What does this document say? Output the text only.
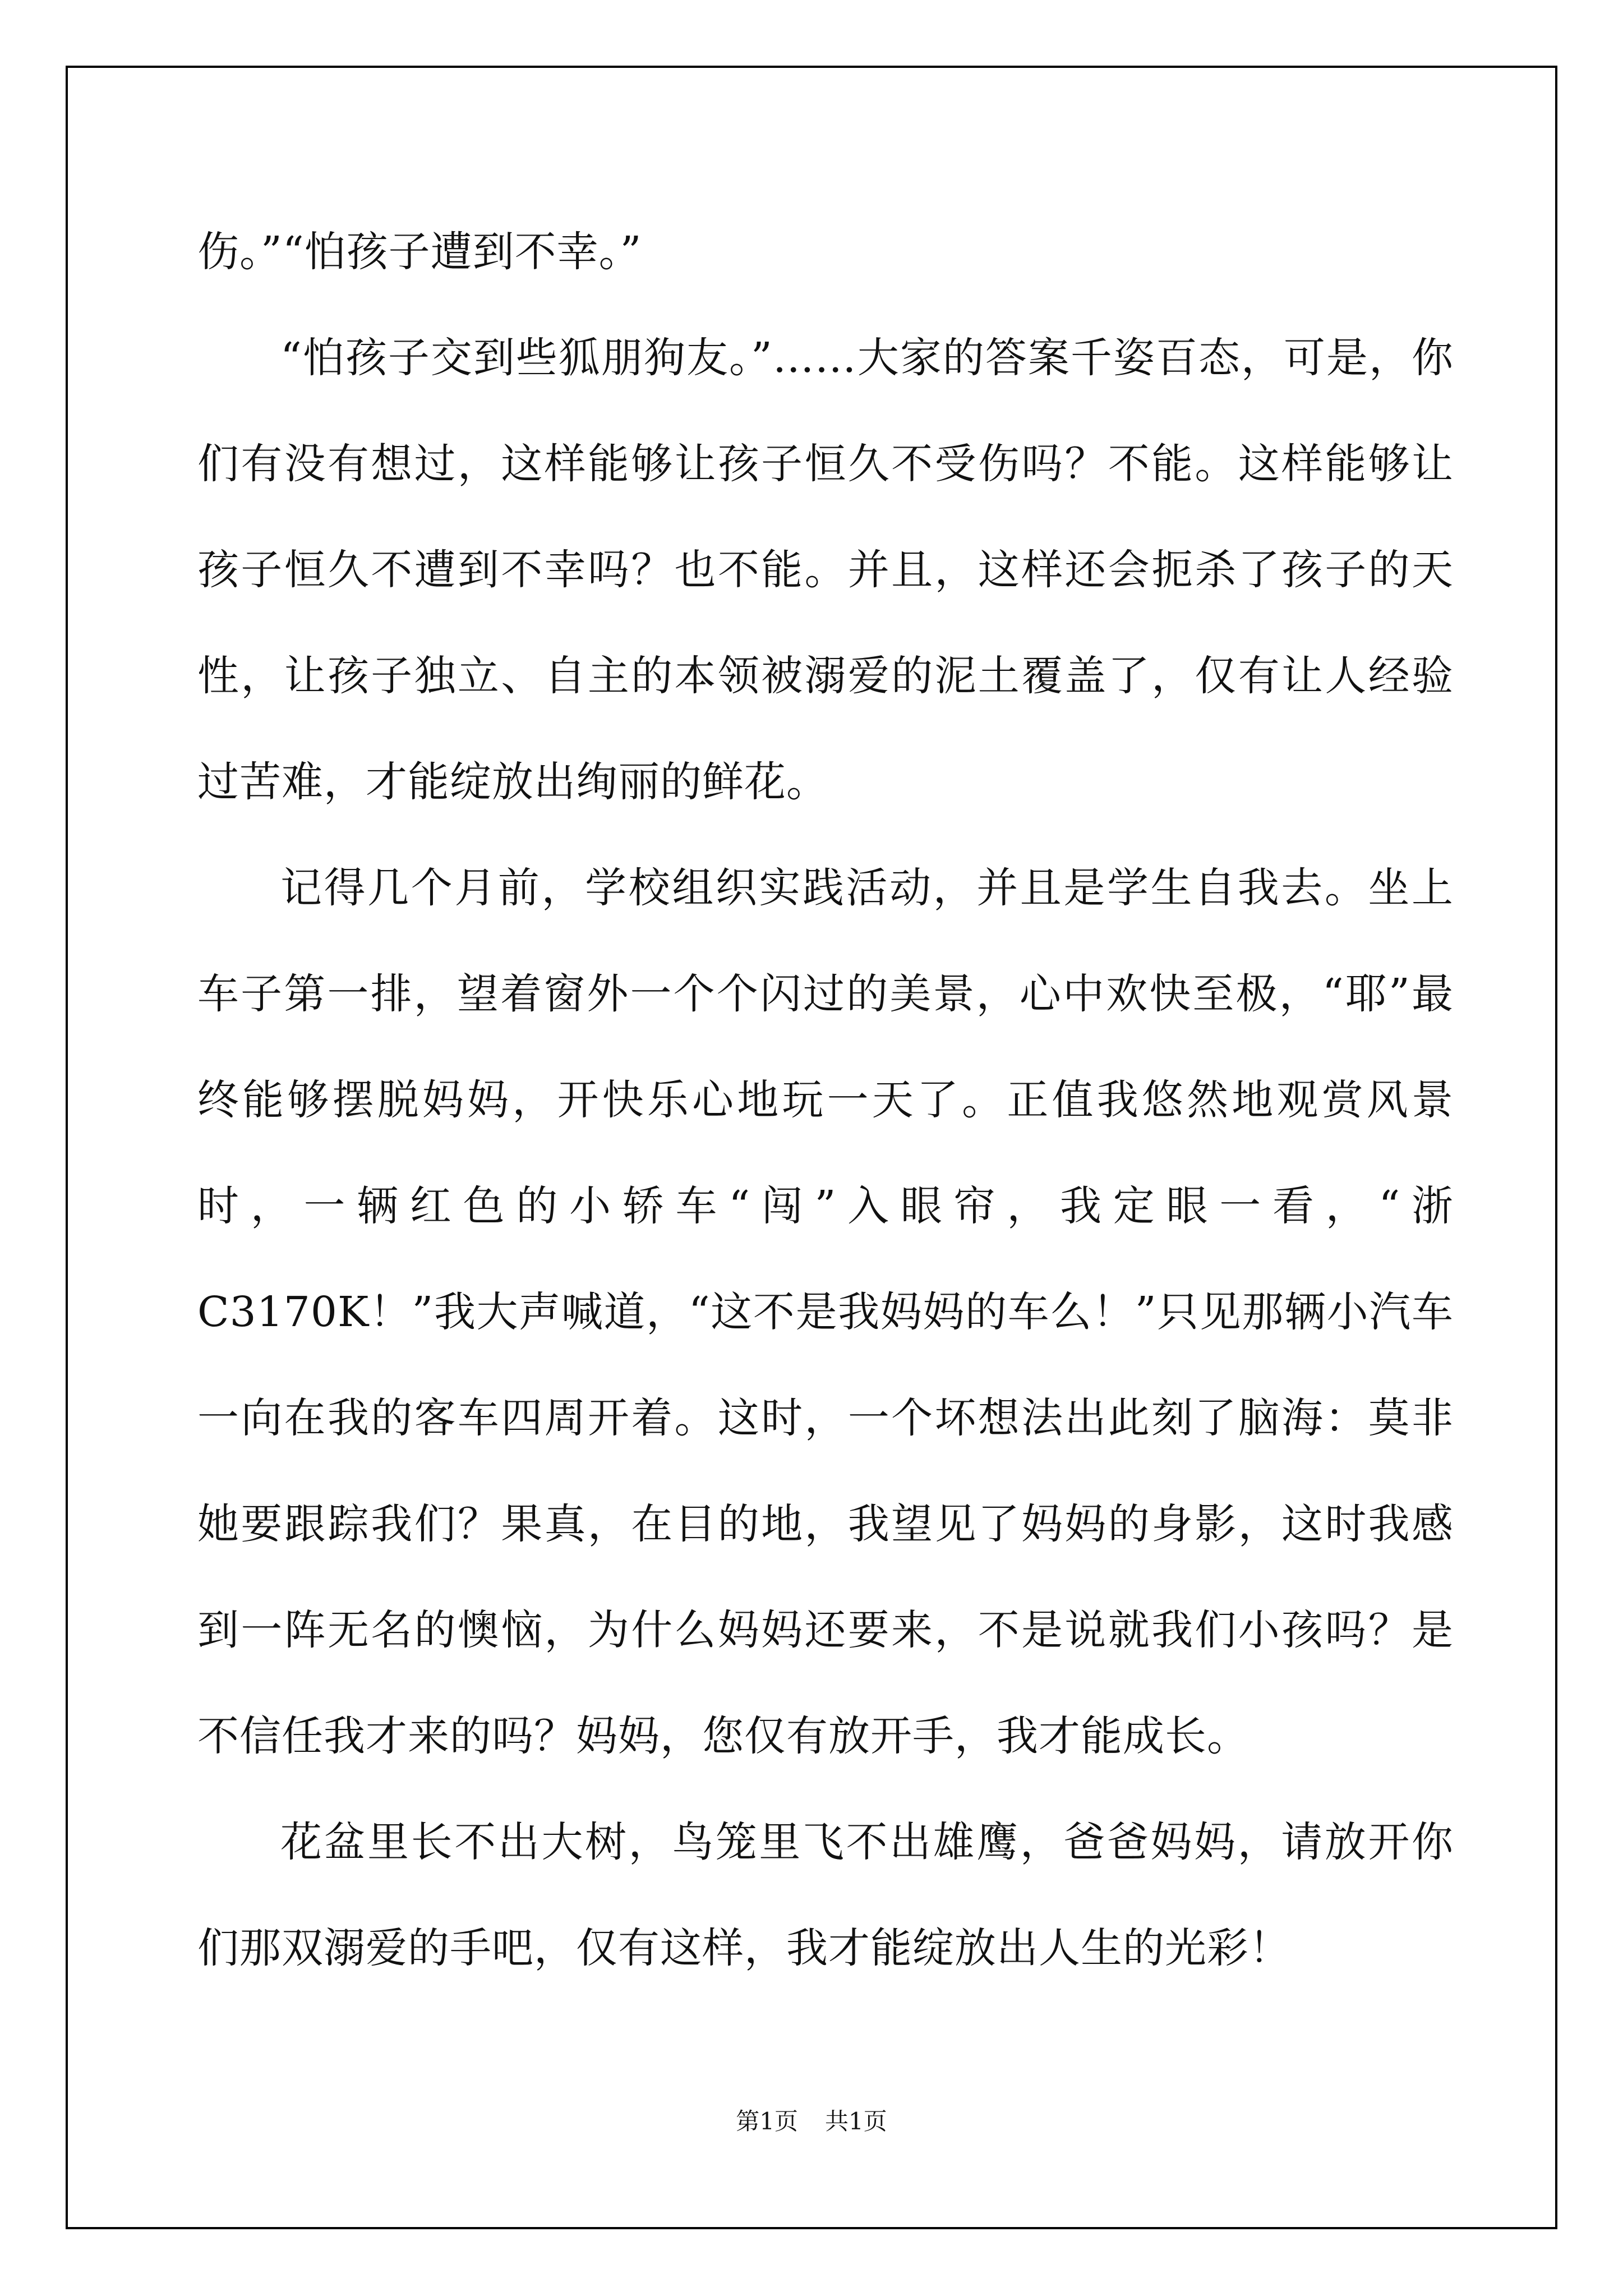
伤。”“怕孩子遭到不幸。”

“怕孩子交到些狐朋狗友。”……大家的答案千姿百态，可是，你们有没有想过，这样能够让孩子恒久不受伤吗？不能。这样能够让孩子恒久不遭到不幸吗？也不能。并且，这样还会扼杀了孩子的天性，让孩子独立、自主的本领被溺爱的泥土覆盖了，仅有让人经验过苦难，才能绽放出绚丽的鲜花。

记得几个月前，学校组织实践活动，并且是学生自我去。坐上车子第一排，望着窗外一个个闪过的美景，心中欢快至极，“耶”最终能够摆脱妈妈，开快乐心地玩一天了。正值我悠然地观赏风景时，一辆红色的小轿车“闯”入眼帘，我定眼一看，“浙C3170K！”我大声喊道，“这不是我妈妈的车么！”只见那辆小汽车一向在我的客车四周开着。这时，一个坏想法出此刻了脑海：莫非她要跟踪我们？果真，在目的地，我望见了妈妈的身影，这时我感到一阵无名的懊恼，为什么妈妈还要来，不是说就我们小孩吗？是不信任我才来的吗？妈妈，您仅有放开手，我才能成长。

花盆里长不出大树，鸟笼里飞不出雄鹰，爸爸妈妈，请放开你们那双溺爱的手吧，仅有这样，我才能绽放出人生的光彩！

第1页 共1页
